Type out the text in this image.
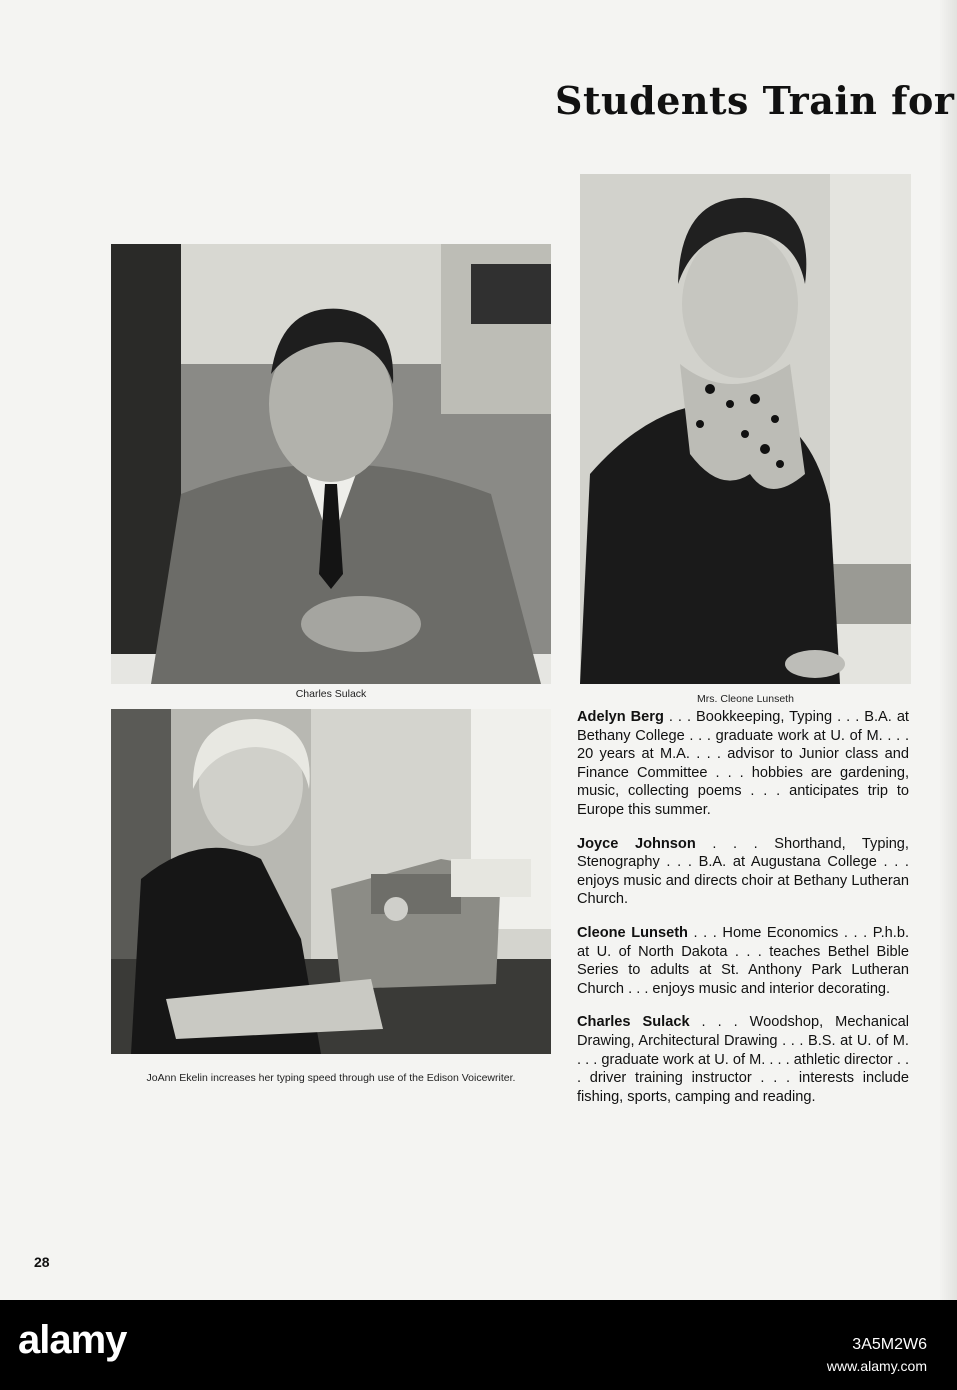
Students Train for

Charles Sulack	Mrs. Cleone Lunseth

JoAnn Ekelin increases her typing speed through use of the Edison Voicewriter.

Adelyn Berg . . . Bookkeeping, Typing . . . B.A. at Bethany College . . . graduate work at U. of M. . . . 20 years at M.A. . . . advisor to Junior class and Finance Committee . . . hobbies are gardening, music, collecting poems . . . anticipates trip to Europe this summer.

Joyce Johnson . . . Shorthand, Typing, Stenography . . . B.A. at Augustana College . . . enjoys music and directs choir at Bethany Lutheran Church.

Cleone Lunseth . . . Home Economics . . . P.h.b. at U. of North Dakota . . . teaches Bethel Bible Series to adults at St. Anthony Park Lutheran Church . . . enjoys music and interior decorating.

Charles Sulack . . . Woodshop, Mechanical Drawing, Architectural Drawing . . . B.S. at U. of M. . . . graduate work at U. of M. . . . athletic director . . . driver training instructor . . . interests include fishing, sports, camping and reading.

28
alamy	3A5M2W6
www.alamy.com
